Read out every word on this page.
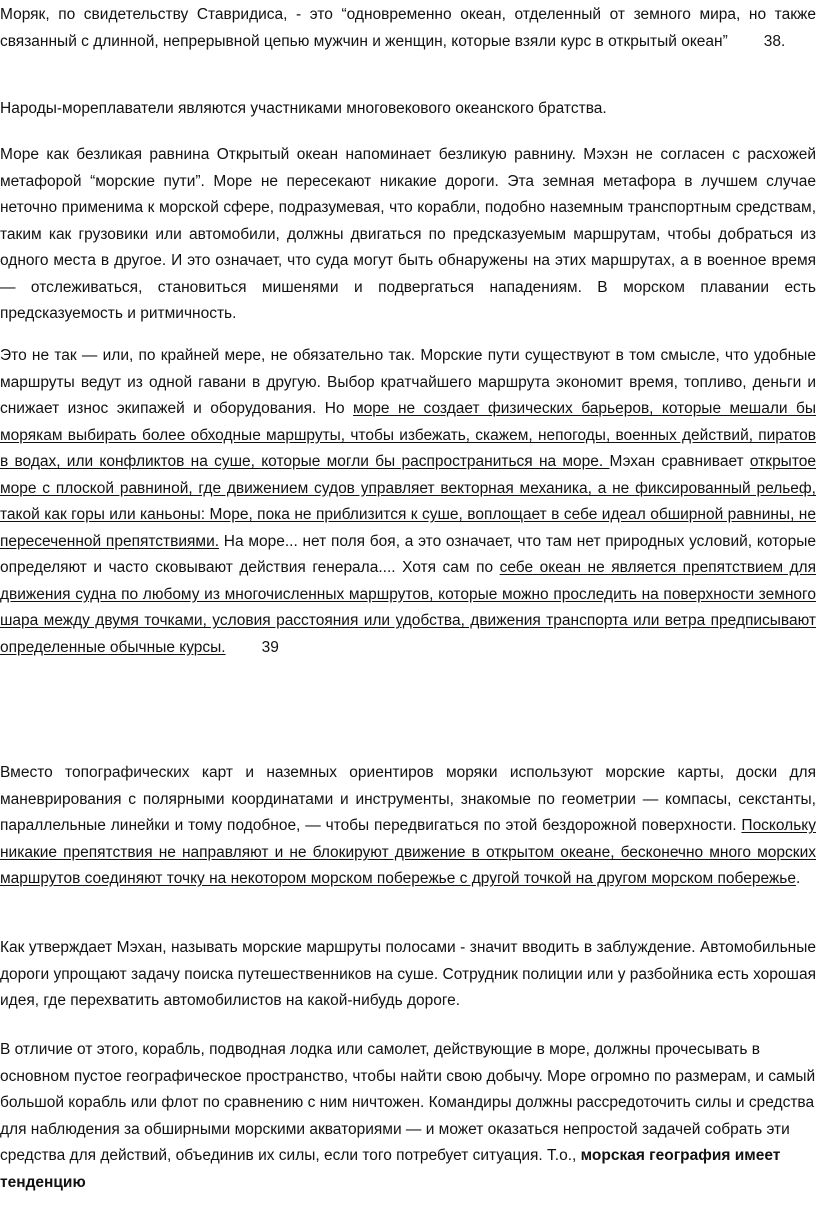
Моряк, по свидетельству Ставридиса, - это “одновременно океан, отделенный от земного мира, но также связанный с длинной, непрерывной цепью мужчин и женщин, которые взяли курс в открытый океан” 38.

Народы-мореплаватели являются участниками многовекового океанского братства.

Море как безликая равнина Открытый океан напоминает безликую равнину. Мэхэн не согласен с расхожей метафорой “морские пути”. Море не пересекают никакие дороги. Эта земная метафора в лучшем случае неточно применима к морской сфере, подразумевая, что корабли, подобно наземным транспортным средствам, таким как грузовики или автомобили, должны двигаться по предсказуемым маршрутам, чтобы добраться из одного места в другое. И это означает, что суда могут быть обнаружены на этих маршрутах, а в военное время — отслеживаться, становиться мишенями и подвергаться нападениям. В морском плавании есть предсказуемость и ритмичность.

Это не так — или, по крайней мере, не обязательно так. Морские пути существуют в том смысле, что удобные маршруты ведут из одной гавани в другую. Выбор кратчайшего маршрута экономит время, топливо, деньги и снижает износ экипажей и оборудования. Но море не создает физических барьеров, которые мешали бы морякам выбирать более обходные маршруты, чтобы избежать, скажем, непогоды, военных действий, пиратов в водах, или конфликтов на суше, которые могли бы распространиться на море. Мэхан сравнивает открытое море с плоской равниной, где движением судов управляет векторная механика, а не фиксированный рельеф, такой как горы или каньоны: Море, пока не приблизится к суше, воплощает в себе идеал обширной равнины, не пересеченной препятствиями. На море... нет поля боя, а это означает, что там нет природных условий, которые определяют и часто сковывают действия генерала.... Хотя сам по себе океан не является препятствием для движения судна по любому из многочисленных маршрутов, которые можно проследить на поверхности земного шара между двумя точками, условия расстояния или удобства, движения транспорта или ветра предписывают определенные обычные курсы. 39

Вместо топографических карт и наземных ориентиров моряки используют морские карты, доски для маневрирования с полярными координатами и инструменты, знакомые по геометрии — компасы, секстанты, параллельные линейки и тому подобное, — чтобы передвигаться по этой бездорожной поверхности. Поскольку никакие препятствия не направляют и не блокируют движение в открытом океане, бесконечно много морских маршрутов соединяют точку на некотором морском побережье с другой точкой на другом морском побережье.

Как утверждает Мэхан, называть морские маршруты полосами - значит вводить в заблуждение. Автомобильные дороги упрощают задачу поиска путешественников на суше. Сотрудник полиции или у разбойника есть хорошая идея, где перехватить автомобилистов на какой-нибудь дороге.

В отличие от этого, корабль, подводная лодка или самолет, действующие в море, должны прочесывать в основном пустое географическое пространство, чтобы найти свою добычу. Море огромно по размерам, и самый большой корабль или флот по сравнению с ним ничтожен. Командиры должны рассредоточить силы и средства для наблюдения за обширными морскими акваториями — и может оказаться непростой задачей собрать эти средства для действий, объединив их силы, если того потребует ситуация. Т.о., морская география имеет тенденцию
